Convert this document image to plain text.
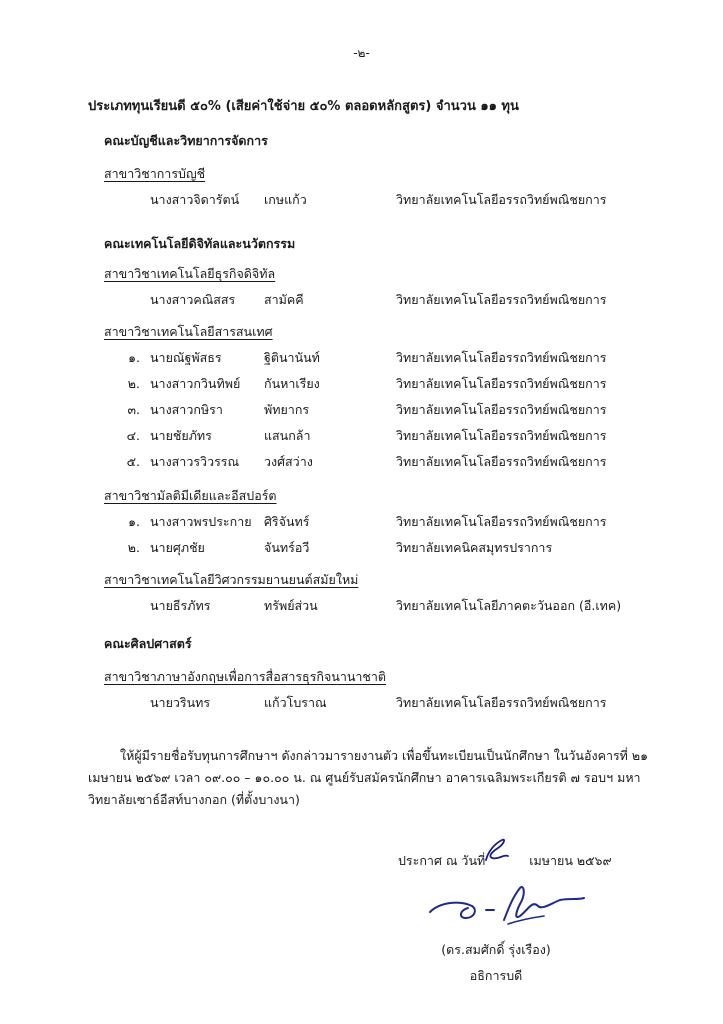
-๒-
ประเภททุนเรียนดี ๕๐% (เสียค่าใช้จ่าย ๕๐% ตลอดหลักสูตร) จำนวน ๑๑ ทุน
คณะบัญชีและวิทยาการจัดการ
สาขาวิชาการบัญชี
นางสาวจิดารัตน์ เกษแก้ว	วิทยาลัยเทคโนโลยีอรรถวิทย์พณิชยการ
คณะเทคโนโลยีดิจิทัลและนวัตกรรม
สาขาวิชาเทคโนโลยีธุรกิจดิจิทัล
นางสาวคณิสสร สามัคคี	วิทยาลัยเทคโนโลยีอรรถวิทย์พณิชยการ
สาขาวิชาเทคโนโลยีสารสนเทศ
๑. นายณัฐพัสธร	ฐิตินานันท์	วิทยาลัยเทคโนโลยีอรรถวิทย์พณิชยการ
๒. นางสาวกวินทิพย์ กันหาเรียง	วิทยาลัยเทคโนโลยีอรรถวิทย์พณิชยการ
๓. นางสาวกษิรา	พัทยากร	วิทยาลัยเทคโนโลยีอรรถวิทย์พณิชยการ
๔. นายชัยภัทร	แสนกล้า	วิทยาลัยเทคโนโลยีอรรถวิทย์พณิชยการ
๕. นางสาวรวิวรรณ วงศ์สว่าง	วิทยาลัยเทคโนโลยีอรรถวิทย์พณิชยการ
สาขาวิชามัลติมีเดียและอีสปอร์ต
๑. นางสาวพรประกาย ศิริจันทร์	วิทยาลัยเทคโนโลยีอรรถวิทย์พณิชยการ
๒. นายศุภชัย	จันทร์อวี	วิทยาลัยเทคนิคสมุทรปราการ
สาขาวิชาเทคโนโลยีวิศวกรรมยานยนต์สมัยใหม่
นายธีรภัทร	ทรัพย์ส่วน	วิทยาลัยเทคโนโลยีภาคตะวันออก (อี.เทค)
คณะศิลปศาสตร์
สาขาวิชาภาษาอังกฤษเพื่อการสื่อสารธุรกิจนานาชาติ
นายวรินทร	แก้วโบราณ	วิทยาลัยเทคโนโลยีอรรถวิทย์พณิชยการ
ให้ผู้มีรายชื่อรับทุนการศึกษาฯ ดังกล่าวมารายงานตัว เพื่อขึ้นทะเบียนเป็นนักศึกษา ในวันอังคารที่ ๒๑ เมษายน ๒๕๖๙ เวลา ๐๙.๐๐ – ๑๐.๐๐ น. ณ ศูนย์รับสมัครนักศึกษา อาคารเฉลิมพระเกียรติ ๗ รอบฯ มหาวิทยาลัยเซาธ์อีสท์บางกอก (ที่ตั้งบางนา)
ประกาศ ณ วันที่	เมษายน ๒๕๖๙
(ดร.สมศักดิ์ รุ่งเรือง)
อธิการบดี
